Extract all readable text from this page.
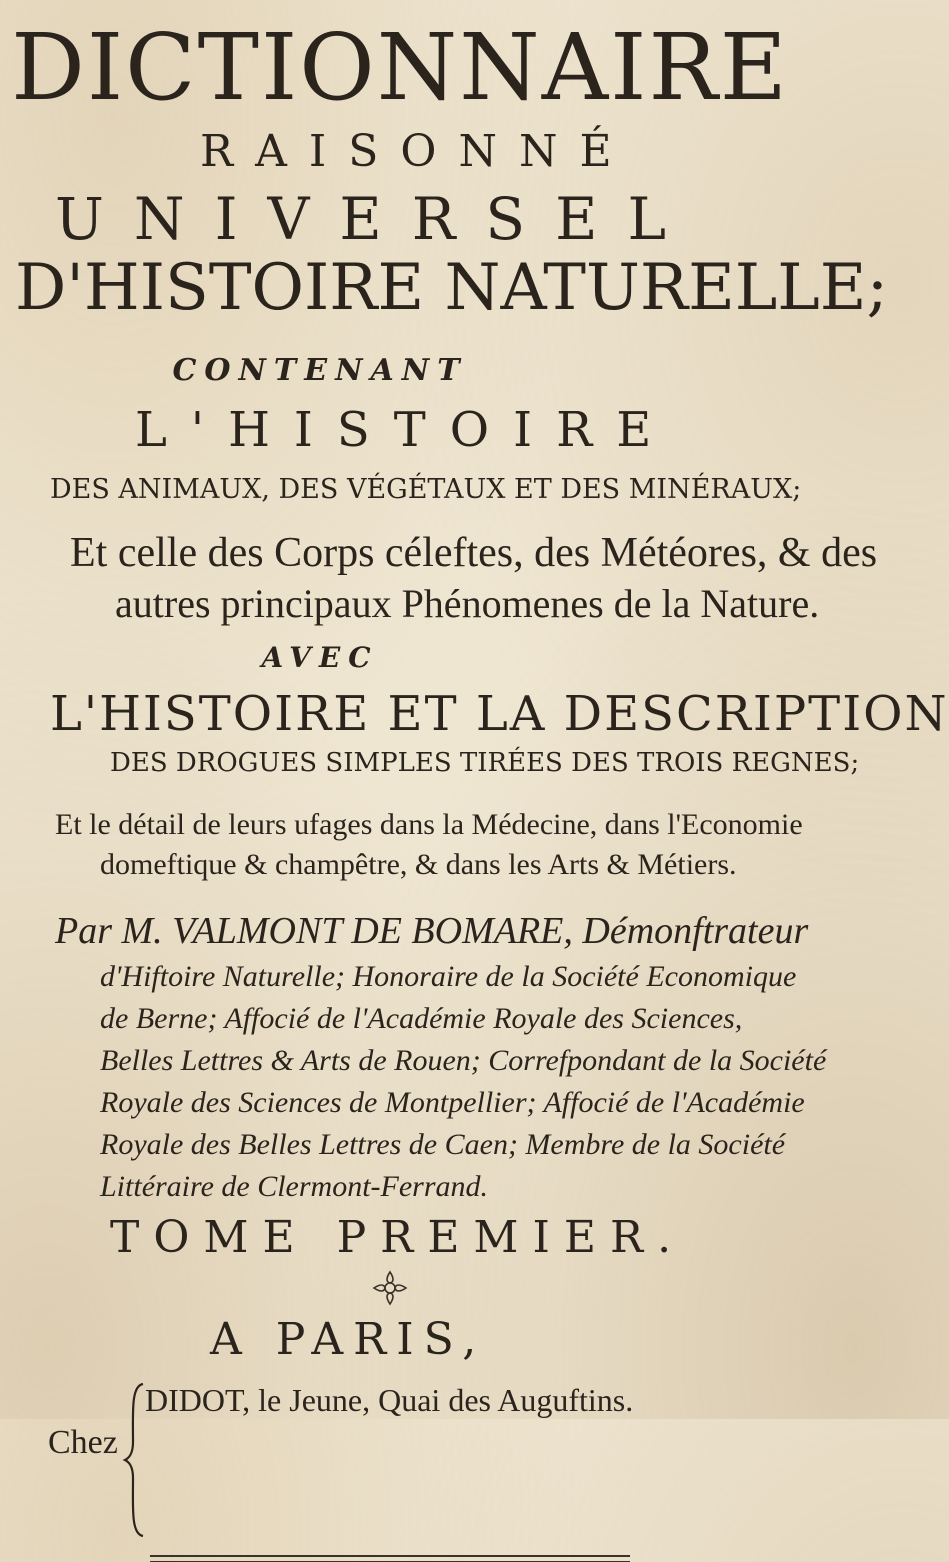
DICTIONNAIRE
RAISONNÉ
UNIVERSEL
D'HISTOIRE NATURELLE;
CONTENANT
L'HISTOIRE
DES ANIMAUX, DES VÉGÉTAUX ET DES MINÉRAUX;
Et celle des Corps céleftes, des Météores, & des
autres principaux Phénomenes de la Nature.
AVEC
L'HISTOIRE ET LA DESCRIPTION
DES DROGUES SIMPLES TIRÉES DES TROIS REGNES;
Et le détail de leurs ufages dans la Médecine, dans l'Economie
domeftique & champêtre, & dans les Arts & Métiers.
Par M. VALMONT DE BOMARE, Démonftrateur
d'Hiftoire Naturelle; Honoraire de la Société Economique
de Berne; Affocié de l'Académie Royale des Sciences,
Belles Lettres & Arts de Rouen; Correfpondant de la Société
Royale des Sciences de Montpellier; Affocié de l'Académie
Royale des Belles Lettres de Caen; Membre de la Société
Littéraire de Clermont-Ferrand.
TOME PREMIER.
A PARIS,
DIDOT, le Jeune, Quai des Auguftins.
Chez
